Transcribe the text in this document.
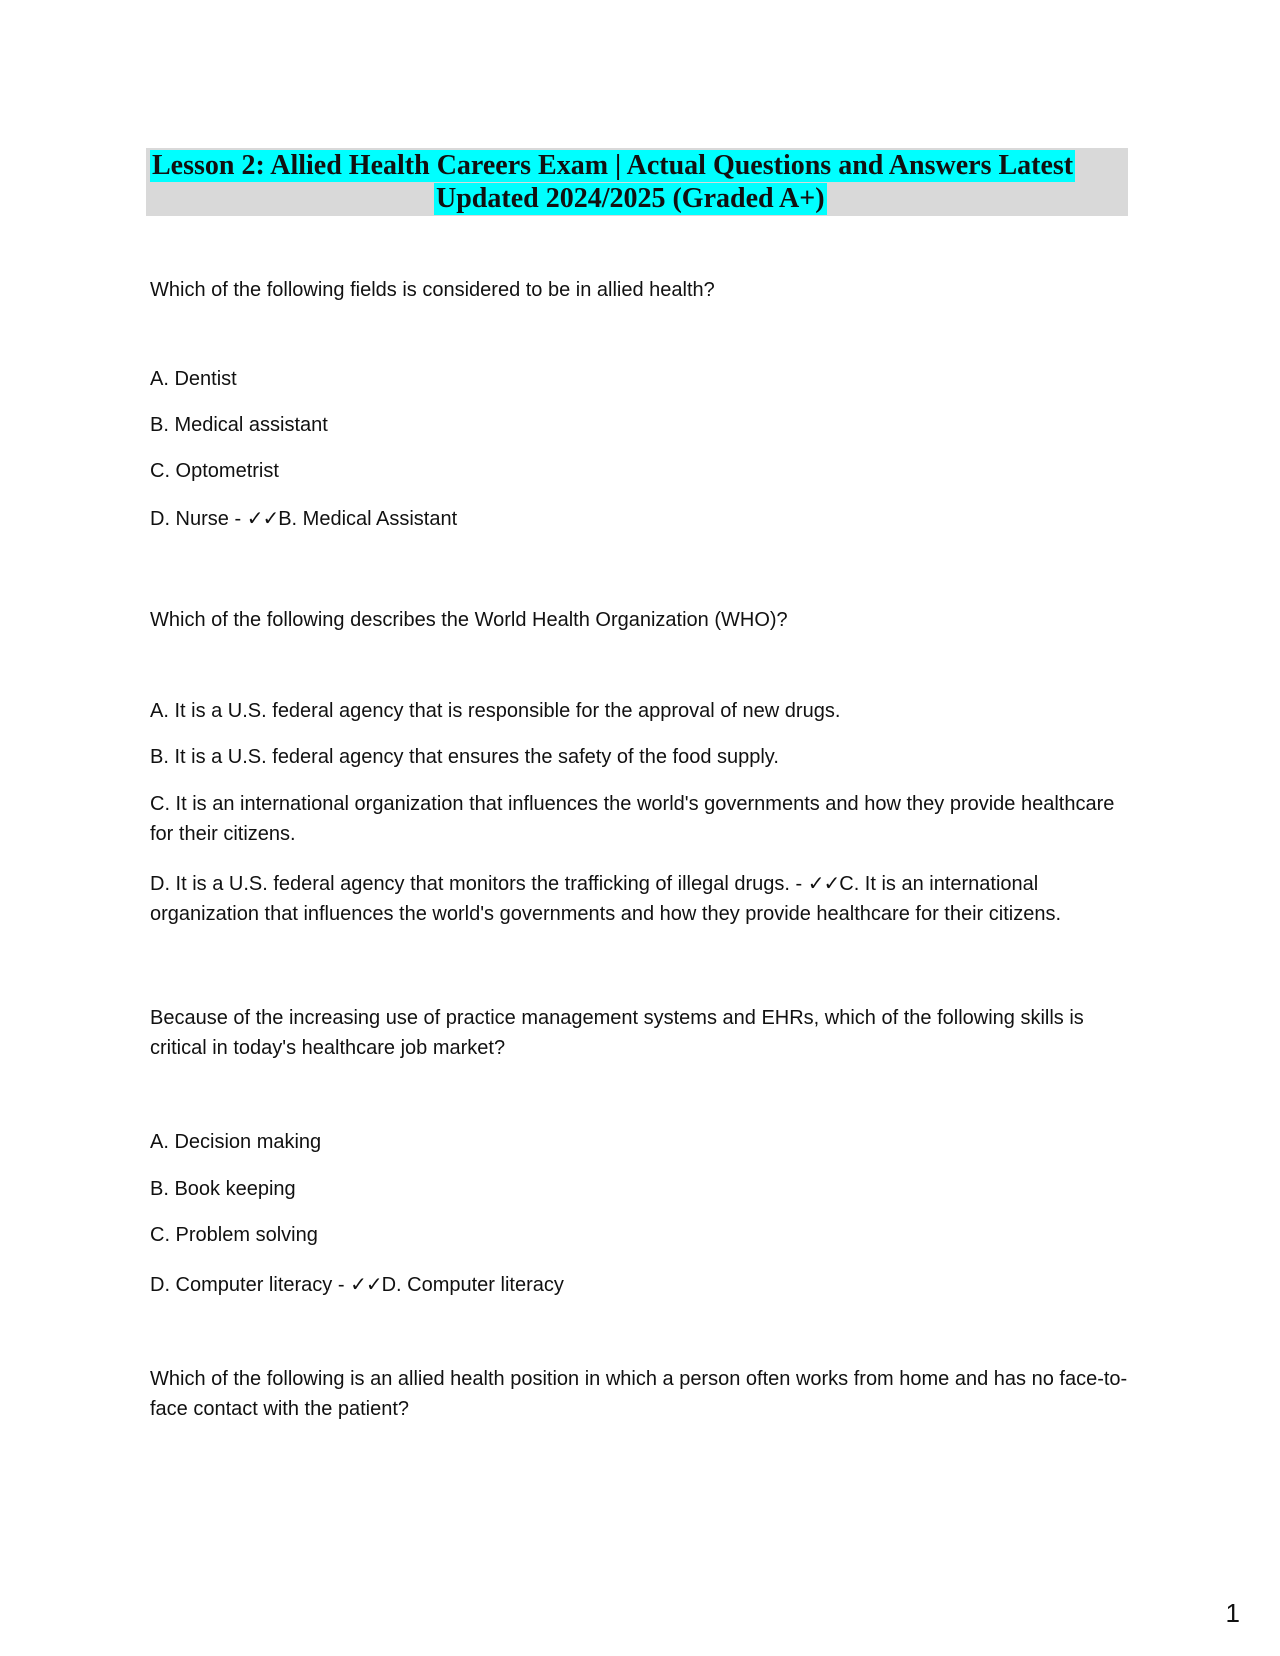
Lesson 2: Allied Health Careers Exam | Actual Questions and Answers Latest
Updated 2024/2025 (Graded A+)

Which of the following fields is considered to be in allied health?

A. Dentist

B. Medical assistant

C. Optometrist

D. Nurse - ✓✓B. Medical Assistant

Which of the following describes the World Health Organization (WHO)?

A. It is a U.S. federal agency that is responsible for the approval of new drugs.

B. It is a U.S. federal agency that ensures the safety of the food supply.

C. It is an international organization that influences the world's governments and how they provide healthcare for their citizens.

D. It is a U.S. federal agency that monitors the trafficking of illegal drugs. - ✓✓C. It is an international organization that influences the world's governments and how they provide healthcare for their citizens.

Because of the increasing use of practice management systems and EHRs, which of the following skills is critical in today's healthcare job market?

A. Decision making

B. Book keeping

C. Problem solving

D. Computer literacy - ✓✓D. Computer literacy

Which of the following is an allied health position in which a person often works from home and has no face-to-face contact with the patient?

1
